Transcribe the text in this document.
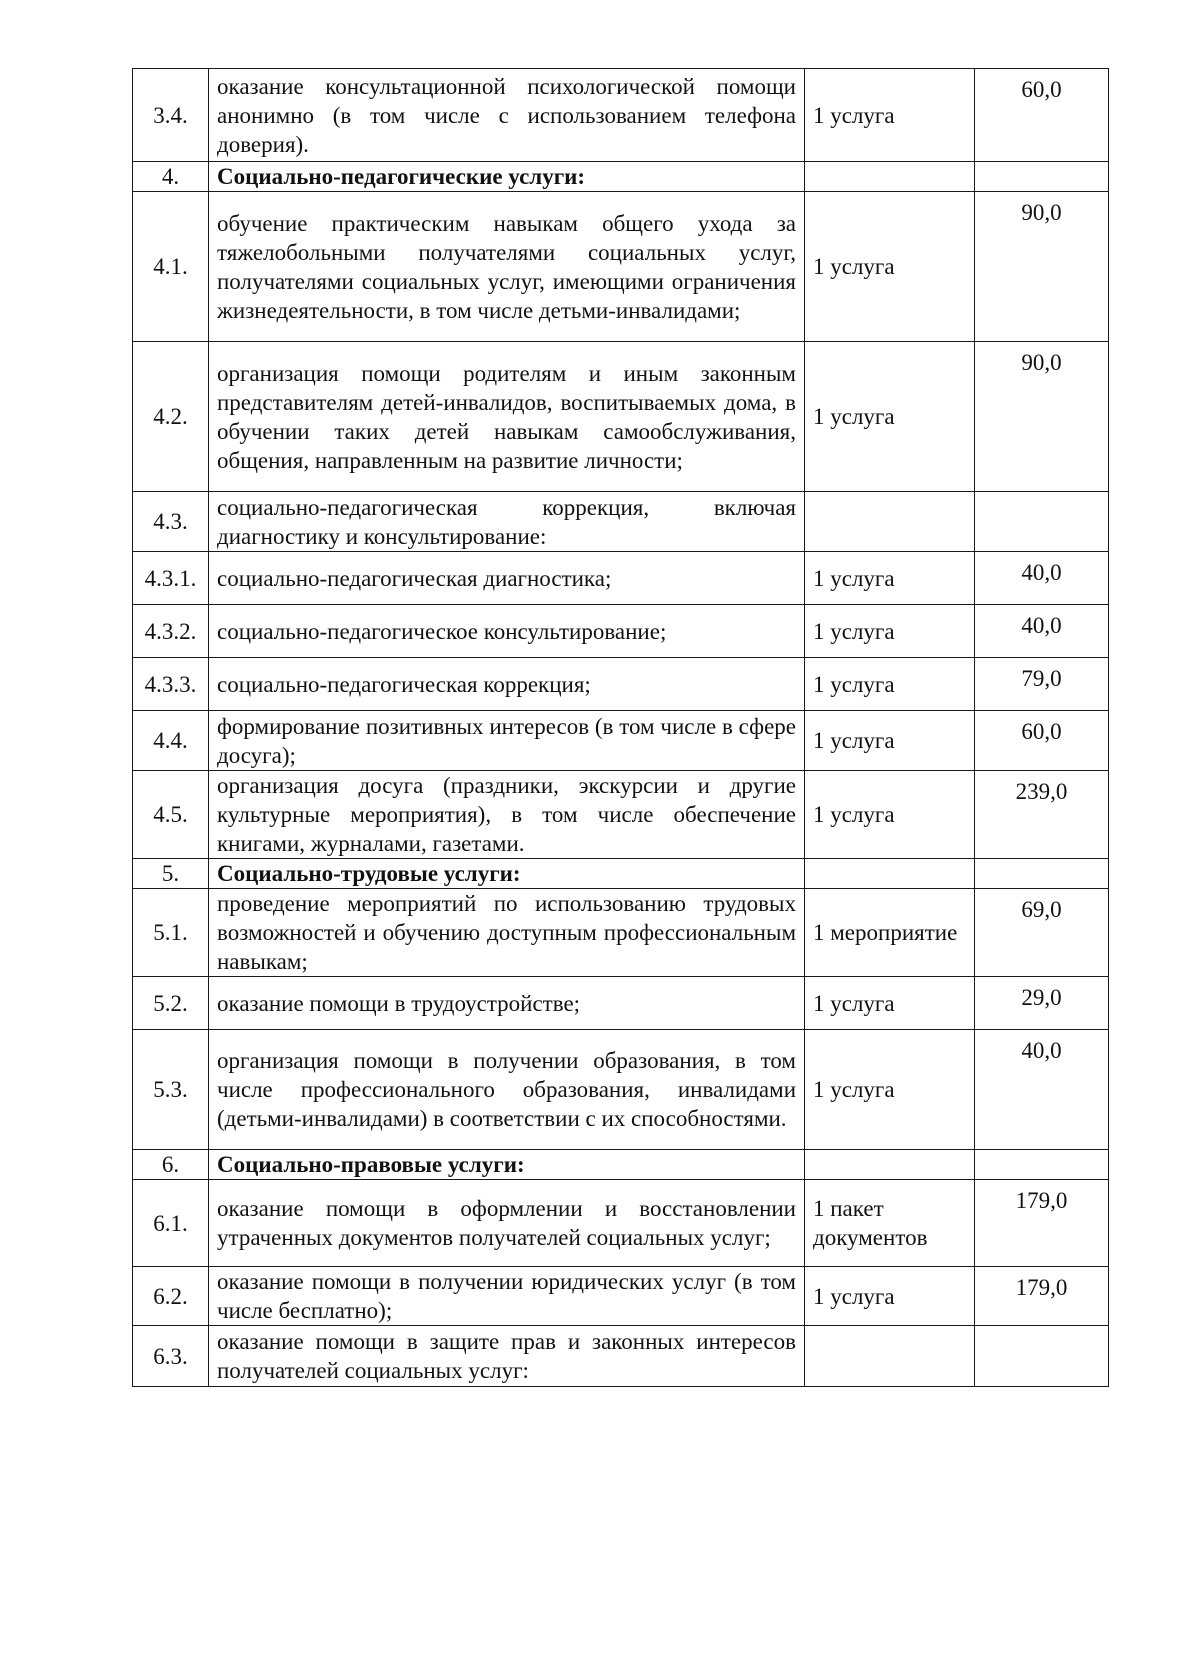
3.4.	оказание консультационной психологической помощи анонимно (в том числе с использованием телефона доверия).	1 услуга	60,0
4.	Социально-педагогические услуги:		
4.1.	обучение практическим навыкам общего ухода за тяжелобольными получателями социальных услуг, получателями социальных услуг, имеющими ограничения жизнедеятельности, в том числе детьми-инвалидами;	1 услуга	90,0
4.2.	организация помощи родителям и иным законным представителям детей-инвалидов, воспитываемых дома, в обучении таких детей навыкам самообслуживания, общения, направленным на развитие личности;	1 услуга	90,0
4.3.	социально-педагогическая коррекция, включая диагностику и консультирование:		
4.3.1.	социально-педагогическая диагностика;	1 услуга	40,0
4.3.2.	социально-педагогическое консультирование;	1 услуга	40,0
4.3.3.	социально-педагогическая коррекция;	1 услуга	79,0
4.4.	формирование позитивных интересов (в том числе в сфере досуга);	1 услуга	60,0
4.5.	организация досуга (праздники, экскурсии и другие культурные мероприятия), в том числе обеспечение книгами, журналами, газетами.	1 услуга	239,0
5.	Социально-трудовые услуги:		
5.1.	проведение мероприятий по использованию трудовых возможностей и обучению доступным профессиональным навыкам;	1 мероприятие	69,0
5.2.	оказание помощи в трудоустройстве;	1 услуга	29,0
5.3.	организация помощи в получении образования, в том числе профессионального образования, инвалидами (детьми-инвалидами) в соответствии с их способностями.	1 услуга	40,0
6.	Социально-правовые услуги:		
6.1.	оказание помощи в оформлении и восстановлении утраченных документов получателей социальных услуг;	1 пакет документов	179,0
6.2.	оказание помощи в получении юридических услуг (в том числе бесплатно);	1 услуга	179,0
6.3.	оказание помощи в защите прав и законных интересов получателей социальных услуг:		
